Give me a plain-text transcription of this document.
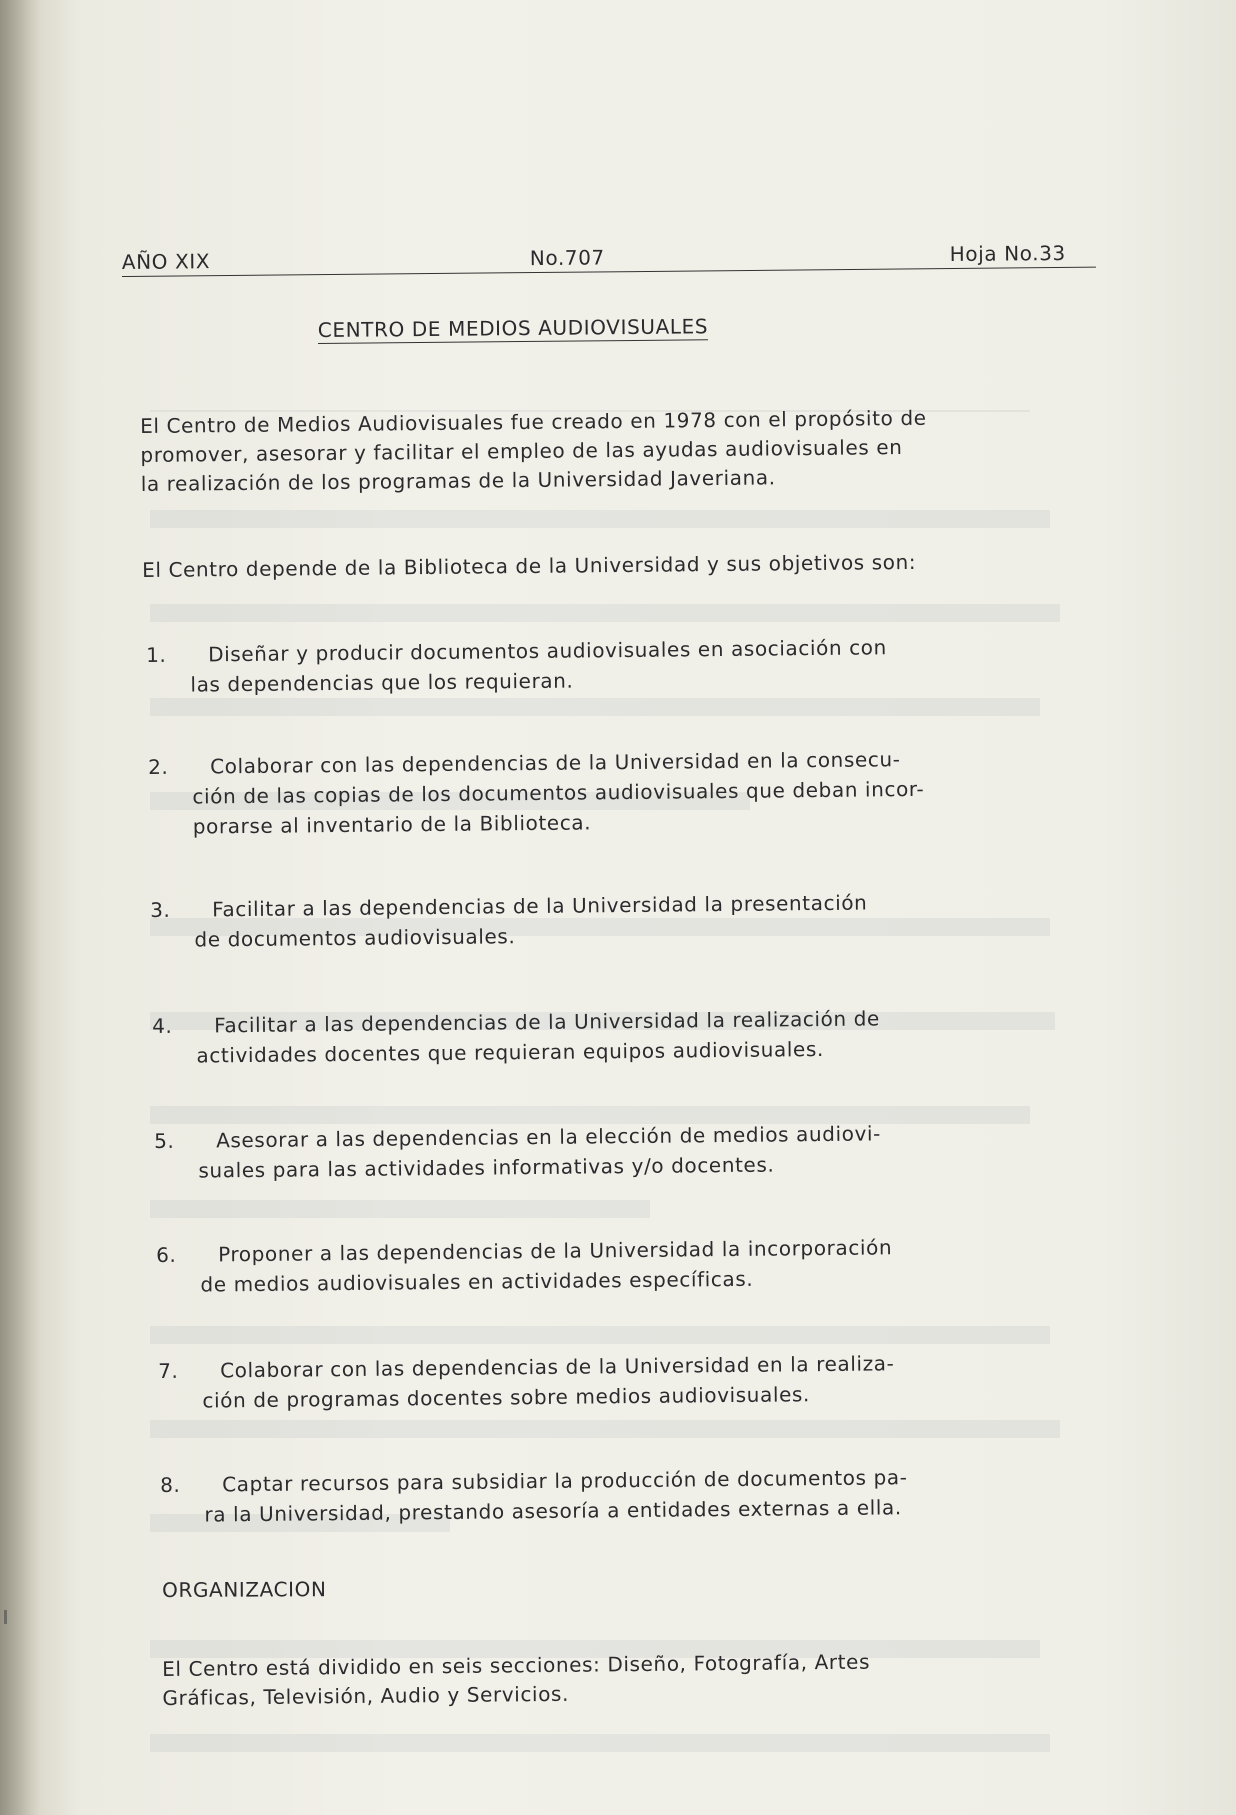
AÑO XIX	No.707	Hoja No.33
CENTRO DE MEDIOS AUDIOVISUALES
El Centro de Medios Audiovisuales fue creado en 1978 con el propósito de
promover, asesorar y facilitar el empleo de las ayudas audiovisuales en
la realización de los programas de la Universidad Javeriana.
El Centro depende de la Biblioteca de la Universidad y sus objetivos son:
1. Diseñar y producir documentos audiovisuales en asociación con
las dependencias que los requieran.
2. Colaborar con las dependencias de la Universidad en la consecu-
ción de las copias de los documentos audiovisuales que deban incor-
porarse al inventario de la Biblioteca.
3. Facilitar a las dependencias de la Universidad la presentación
de documentos audiovisuales.
4. Facilitar a las dependencias de la Universidad la realización de
actividades docentes que requieran equipos audiovisuales.
5. Asesorar a las dependencias en la elección de medios audiovi-
suales para las actividades informativas y/o docentes.
6. Proponer a las dependencias de la Universidad la incorporación
de medios audiovisuales en actividades específicas.
7. Colaborar con las dependencias de la Universidad en la realiza-
ción de programas docentes sobre medios audiovisuales.
8. Captar recursos para subsidiar la producción de documentos pa-
ra la Universidad, prestando asesoría a entidades externas a ella.
ORGANIZACION
El Centro está dividido en seis secciones: Diseño, Fotografía, Artes
Gráficas, Televisión, Audio y Servicios.
